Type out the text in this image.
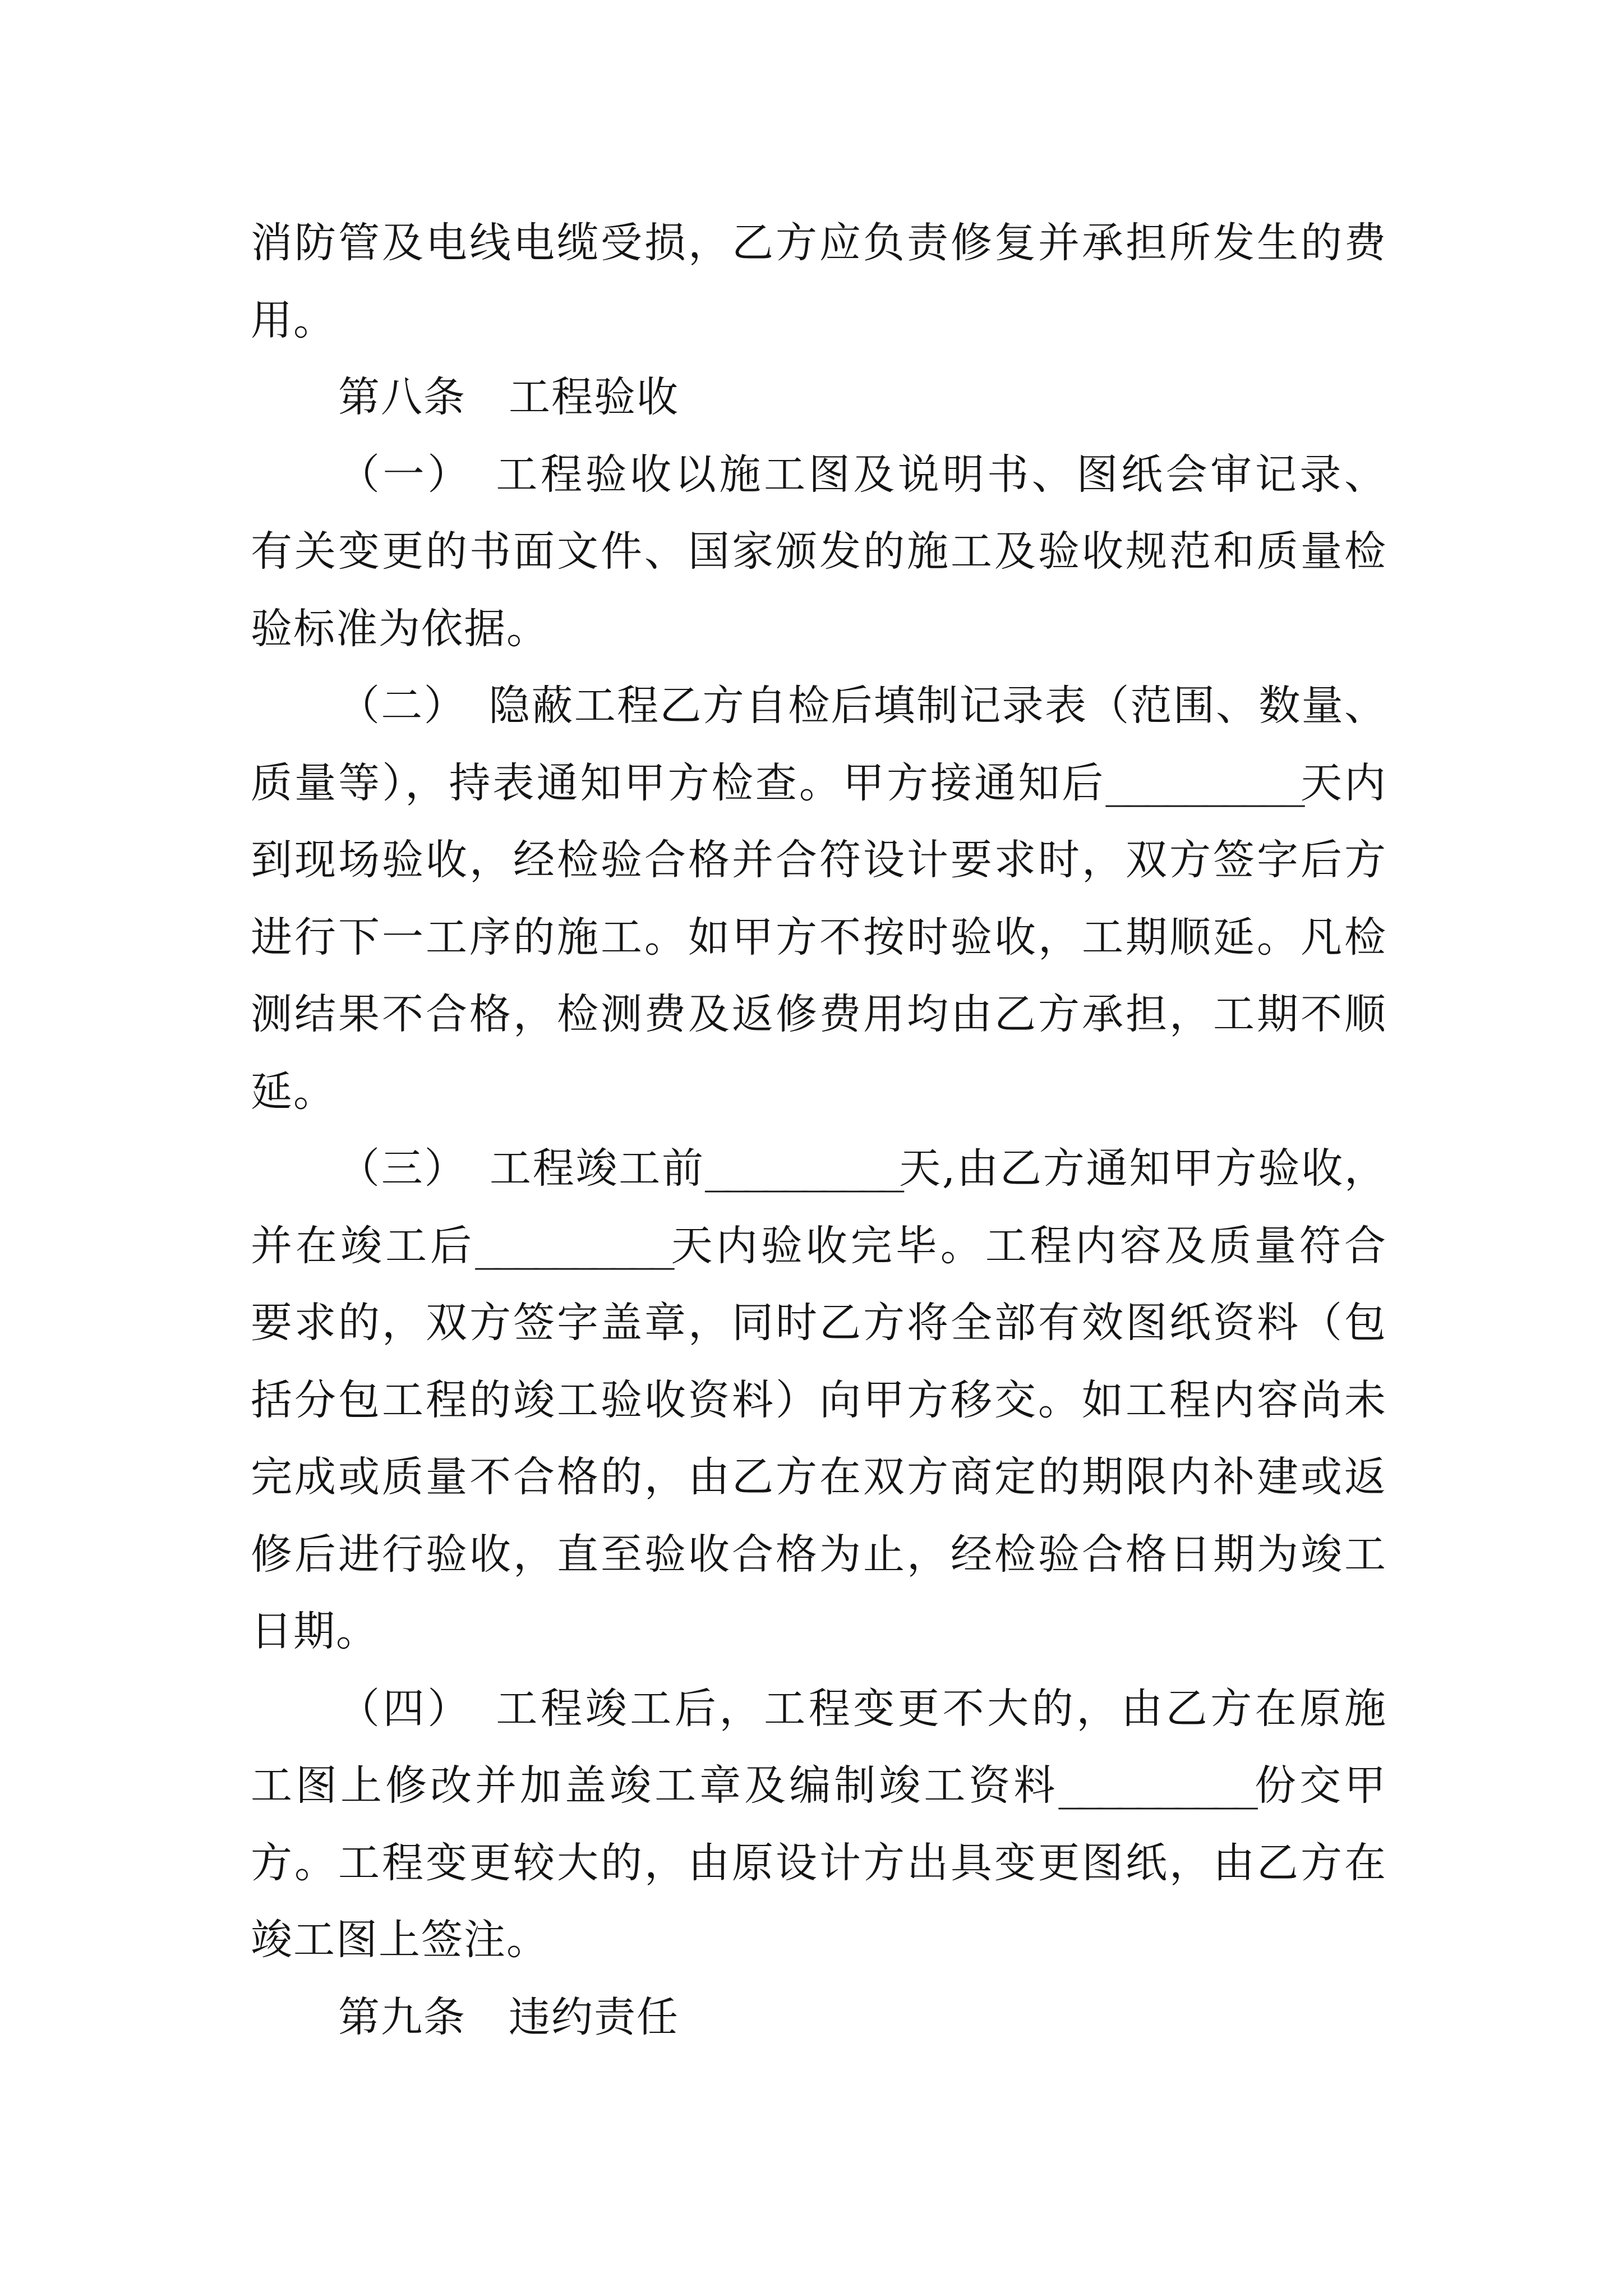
消防管及电线电缆受损，乙方应负责修复并承担所发生的费
用。

第八条　工程验收

（一）　工程验收以施工图及说明书、图纸会审记录、
有关变更的书面文件、国家颁发的施工及验收规范和质量检
验标准为依据。

（二）　隐蔽工程乙方自检后填制记录表（范围、数量、
质量等），持表通知甲方检查。甲方接通知后__________天内
到现场验收，经检验合格并合符设计要求时，双方签字后方
进行下一工序的施工。如甲方不按时验收，工期顺延。凡检
测结果不合格，检测费及返修费用均由乙方承担，工期不顺
延。

（三）　工程竣工前__________天,由乙方通知甲方验收，
并在竣工后__________天内验收完毕。工程内容及质量符合
要求的，双方签字盖章，同时乙方将全部有效图纸资料（包
括分包工程的竣工验收资料）向甲方移交。如工程内容尚未
完成或质量不合格的，由乙方在双方商定的期限内补建或返
修后进行验收，直至验收合格为止，经检验合格日期为竣工
日期。

（四）　工程竣工后，工程变更不大的，由乙方在原施
工图上修改并加盖竣工章及编制竣工资料__________份交甲
方。工程变更较大的，由原设计方出具变更图纸，由乙方在
竣工图上签注。

第九条　违约责任
